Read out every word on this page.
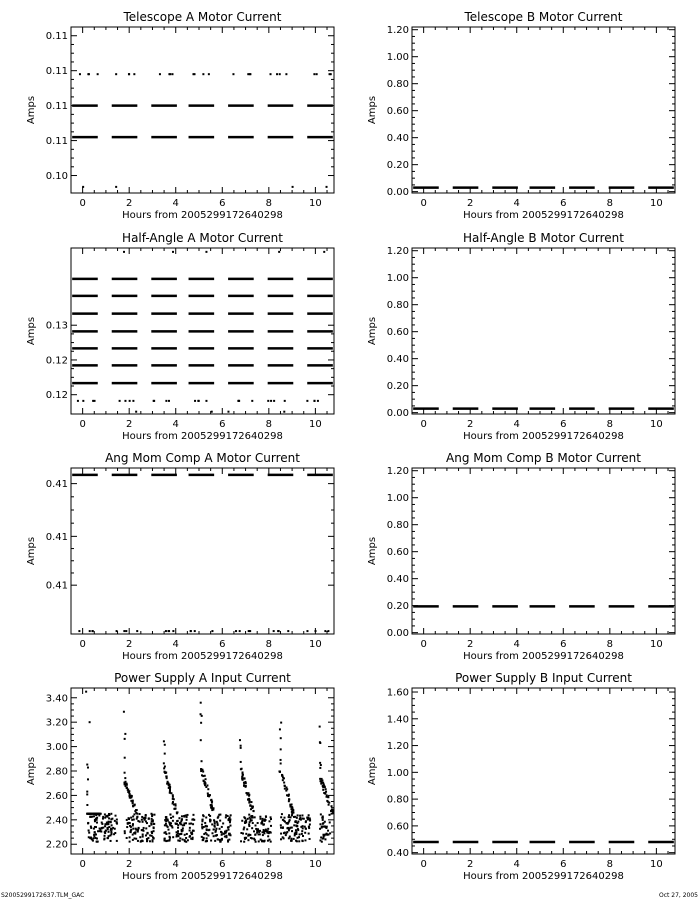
Telescope A Motor Current
0	2	4	6	8	10
Hours from 2005299172640298
0.10
0.11
0.11
0.11
0.11
Amps
Telescope B Motor Current
0	2	4	6	8	10
Hours from 2005299172640298
0.00
0.20
0.40
0.60
0.80
1.00
1.20
Amps
Half-Angle A Motor Current
0	2	4	6	8	10
Hours from 2005299172640298
0.12
0.12
0.13
Amps
Half-Angle B Motor Current
0	2	4	6	8	10
Hours from 2005299172640298
0.00
0.20
0.40
0.60
0.80
1.00
1.20
Amps
Ang Mom Comp A Motor Current
0	2	4	6	8	10
Hours from 2005299172640298
0.41
0.41
0.41
Amps
Ang Mom Comp B Motor Current
0	2	4	6	8	10
Hours from 2005299172640298
0.00
0.20
0.40
0.60
0.80
1.00
1.20
Amps
Power Supply A Input Current
0	2	4	6	8	10
Hours from 2005299172640298
2.20
2.40
2.60
2.80
3.00
3.20
3.40
Amps
Power Supply B Input Current
0	2	4	6	8	10
Hours from 2005299172640298
0.40
0.60
0.80
1.00
1.20
1.40
1.60
Amps
S2005299172637.TLM_GAC	Oct 27, 2005
